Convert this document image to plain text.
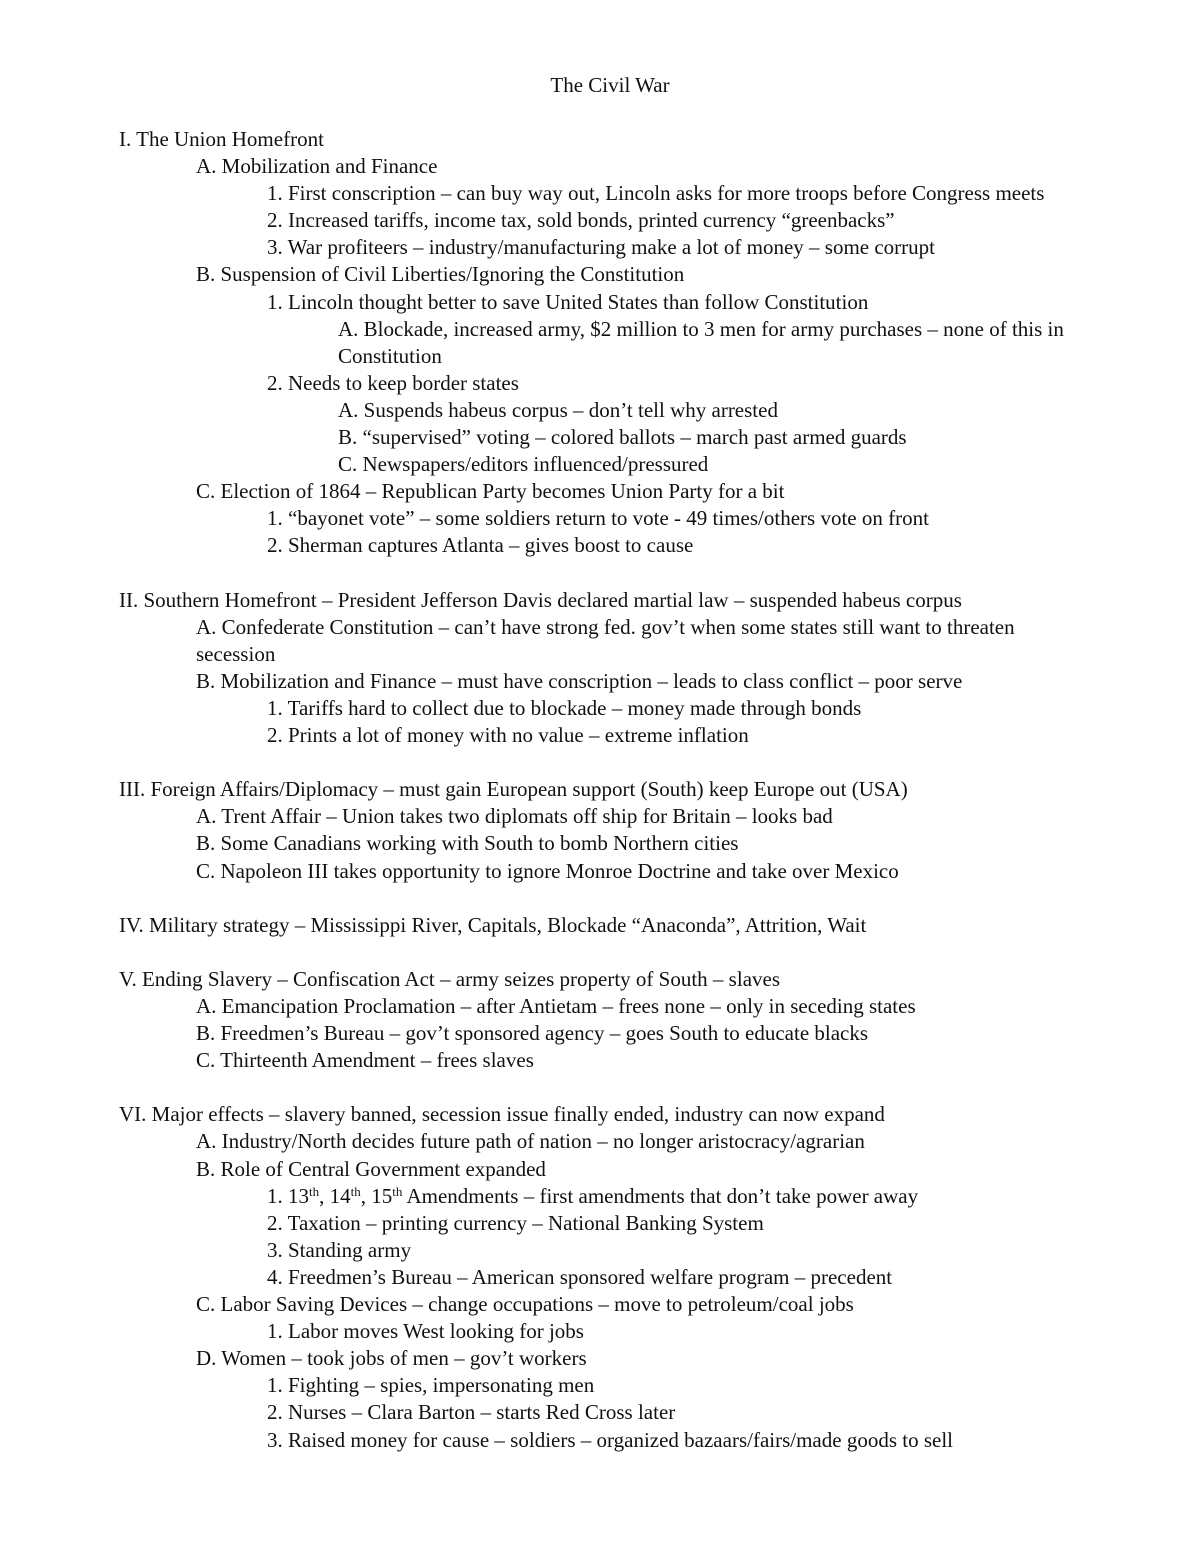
The Civil War
I. The Union Homefront
A. Mobilization and Finance
1. First conscription – can buy way out, Lincoln asks for more troops before Congress meets
2. Increased tariffs, income tax, sold bonds, printed currency “greenbacks”
3. War profiteers – industry/manufacturing make a lot of money – some corrupt
B. Suspension of Civil Liberties/Ignoring the Constitution
1. Lincoln thought better to save United States than follow Constitution
A. Blockade, increased army, $2 million to 3 men for army purchases – none of this in Constitution
2. Needs to keep border states
A. Suspends habeus corpus – don’t tell why arrested
B. “supervised” voting – colored ballots – march past armed guards
C. Newspapers/editors influenced/pressured
C. Election of 1864 – Republican Party becomes Union Party for a bit
1. “bayonet vote” – some soldiers return to vote - 49 times/others vote on front
2. Sherman captures Atlanta – gives boost to cause
II. Southern Homefront – President Jefferson Davis declared martial law – suspended habeus corpus
A. Confederate Constitution – can’t have strong fed. gov’t when some states still want to threaten secession
B. Mobilization and Finance – must have conscription – leads to class conflict – poor serve
1. Tariffs hard to collect due to blockade – money made through bonds
2. Prints a lot of money with no value – extreme inflation
III. Foreign Affairs/Diplomacy – must gain European support (South) keep Europe out (USA)
A. Trent Affair – Union takes two diplomats off ship for Britain – looks bad
B. Some Canadians working with South to bomb Northern cities
C. Napoleon III takes opportunity to ignore Monroe Doctrine and take over Mexico
IV. Military strategy – Mississippi River, Capitals, Blockade “Anaconda”, Attrition, Wait
V. Ending Slavery – Confiscation Act – army seizes property of South – slaves
A. Emancipation Proclamation – after Antietam – frees none – only in seceding states
B. Freedmen’s Bureau – gov’t sponsored agency – goes South to educate blacks
C. Thirteenth Amendment – frees slaves
VI. Major effects – slavery banned, secession issue finally ended, industry can now expand
A. Industry/North decides future path of nation – no longer aristocracy/agrarian
B. Role of Central Government expanded
1. 13th, 14th, 15th Amendments – first amendments that don’t take power away
2. Taxation – printing currency – National Banking System
3. Standing army
4. Freedmen’s Bureau – American sponsored welfare program – precedent
C. Labor Saving Devices – change occupations – move to petroleum/coal jobs
1. Labor moves West looking for jobs
D. Women – took jobs of men – gov’t workers
1. Fighting – spies, impersonating men
2. Nurses – Clara Barton – starts Red Cross later
3. Raised money for cause – soldiers – organized bazaars/fairs/made goods to sell
